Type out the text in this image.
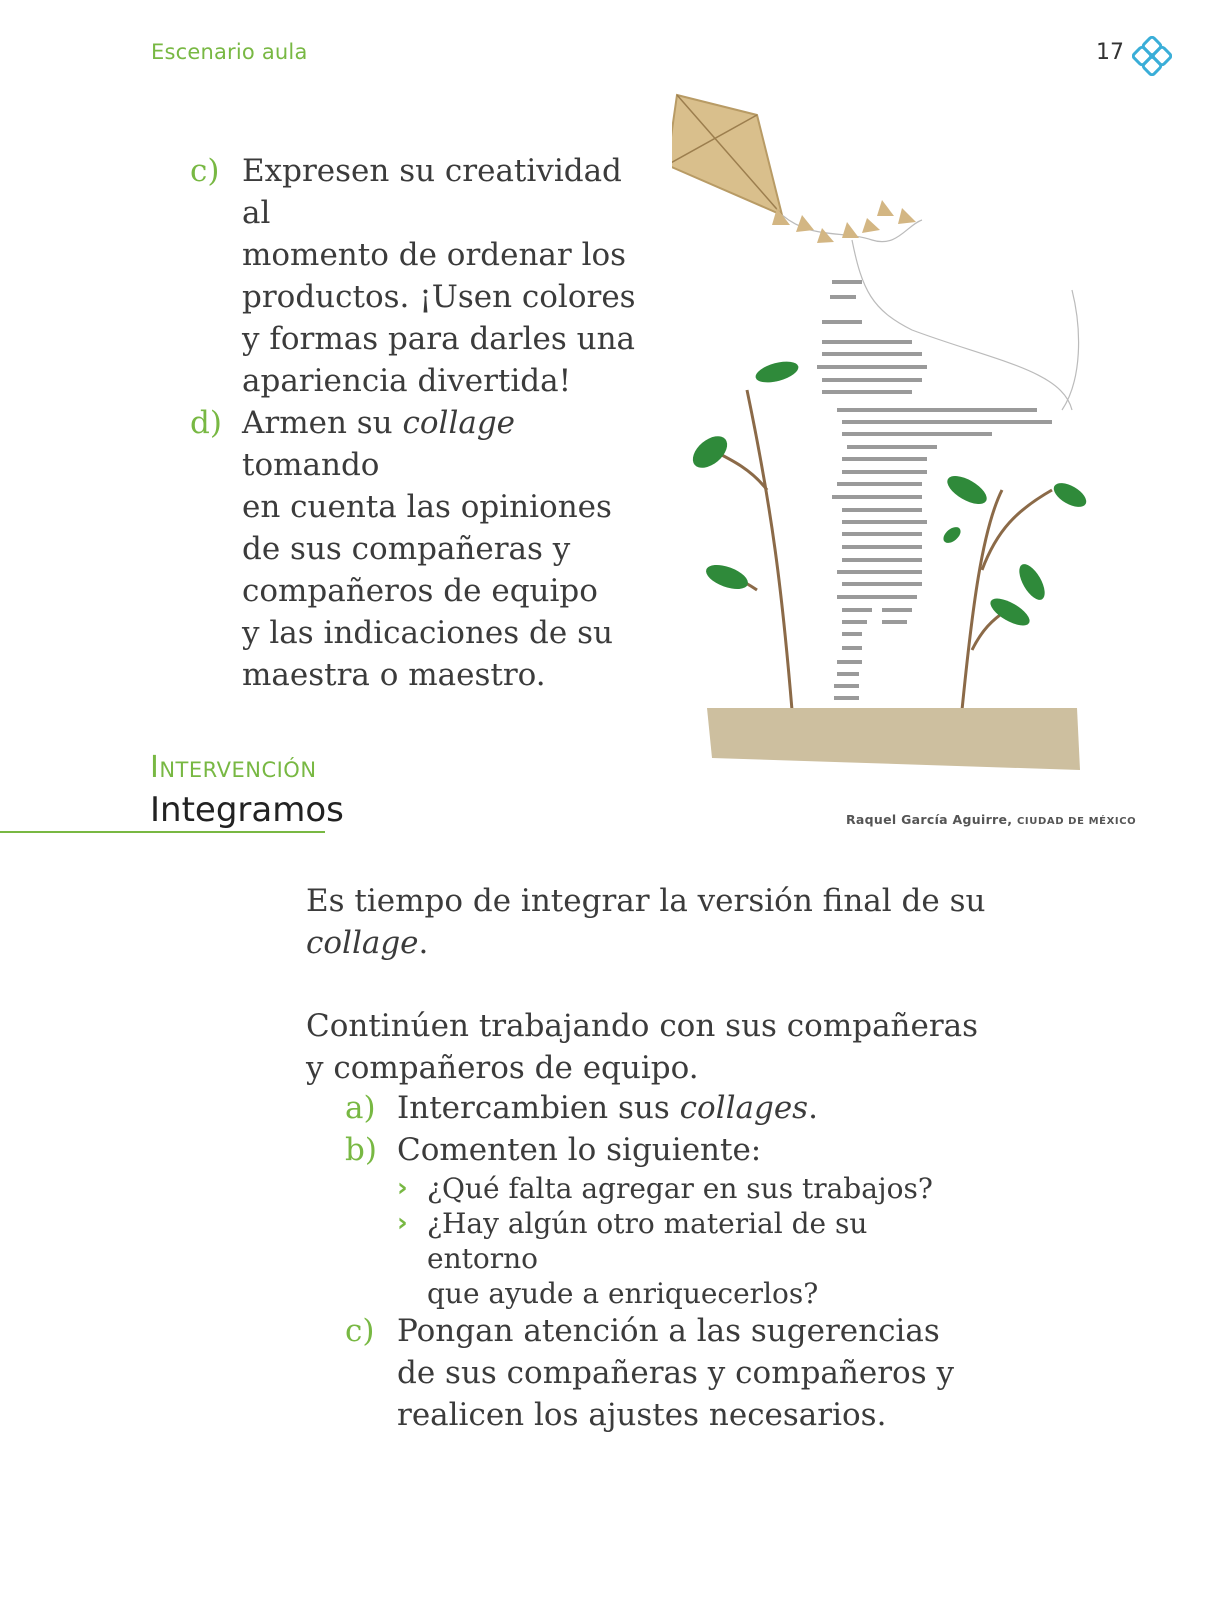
Escenario aula	17
c) Expresen su creatividad al
momento de ordenar los
productos. ¡Usen colores
y formas para darles una
apariencia divertida!
d) Armen su collage tomando
en cuenta las opiniones
de sus compañeras y
compañeros de equipo
y las indicaciones de su
maestra o maestro.
Raquel García Aguirre, CIUDAD DE MÉXICO
Intervención
Integramos

Es tiempo de integrar la versión final de su
collage.

Continúen trabajando con sus compañeras
y compañeros de equipo.

a) Intercambien sus collages.
b) Comenten lo siguiente:
› ¿Qué falta agregar en sus trabajos?
› ¿Hay algún otro material de su entorno
que ayude a enriquecerlos?
c) Pongan atención a las sugerencias
de sus compañeras y compañeros y
realicen los ajustes necesarios.
